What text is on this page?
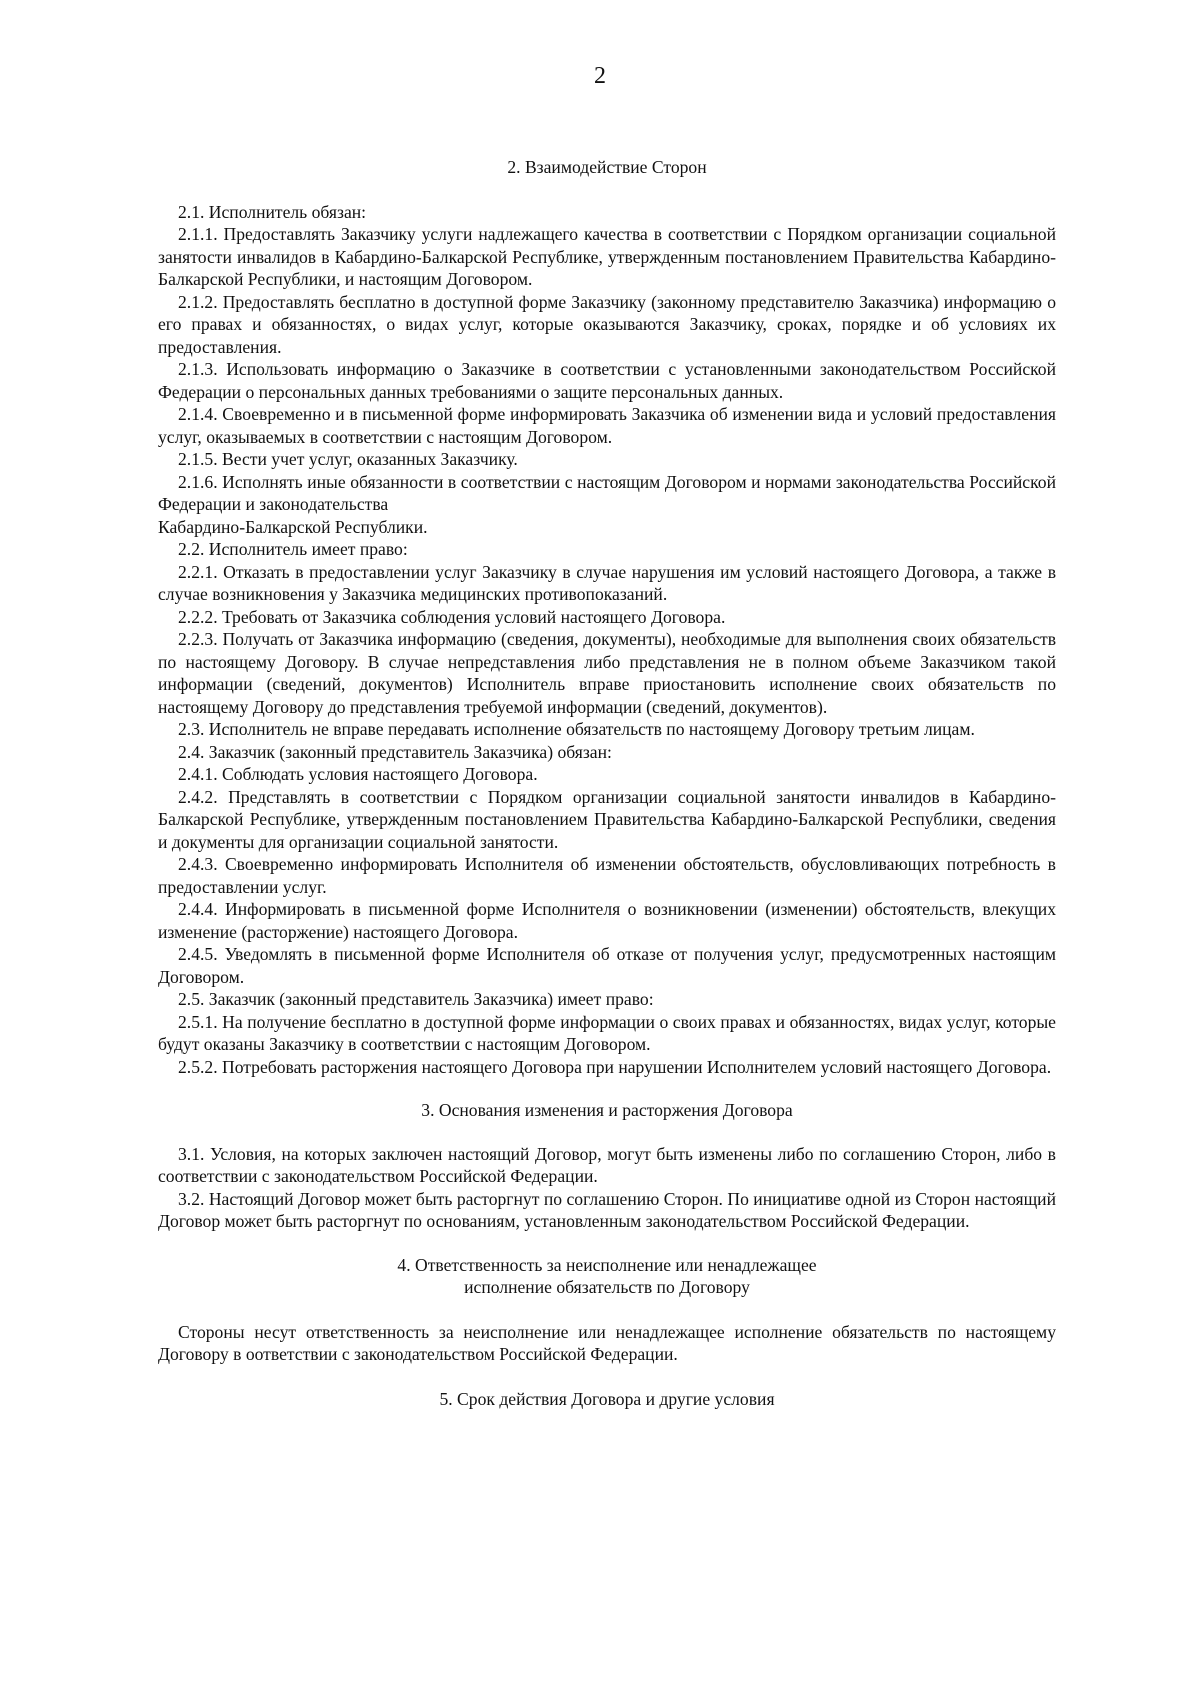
2
2. Взаимодействие Сторон
2.1. Исполнитель обязан:
2.1.1. Предоставлять Заказчику услуги надлежащего качества в соответствии с Порядком организации социальной занятости инвалидов в Кабардино-Балкарской Республике, утвержденным постановлением Правительства Кабардино-Балкарской Республики, и настоящим Договором.
2.1.2. Предоставлять бесплатно в доступной форме Заказчику (законному представителю Заказчика) информацию о его правах и обязанностях, о видах услуг, которые оказываются Заказчику, сроках, порядке и об условиях их предоставления.
2.1.3. Использовать информацию о Заказчике в соответствии с установленными законодательством Российской Федерации о персональных данных требованиями о защите персональных данных.
2.1.4. Своевременно и в письменной форме информировать Заказчика об изменении вида и условий предоставления услуг, оказываемых в соответствии с настоящим Договором.
2.1.5. Вести учет услуг, оказанных Заказчику.
2.1.6. Исполнять иные обязанности в соответствии с настоящим Договором и нормами законодательства Российской Федерации и законодательства
Кабардино-Балкарской Республики.
2.2. Исполнитель имеет право:
2.2.1. Отказать в предоставлении услуг Заказчику в случае нарушения им условий настоящего Договора, а также в случае возникновения у Заказчика медицинских противопоказаний.
2.2.2. Требовать от Заказчика соблюдения условий настоящего Договора.
2.2.3. Получать от Заказчика информацию (сведения, документы), необходимые для выполнения своих обязательств по настоящему Договору. В случае непредставления либо представления не в полном объеме Заказчиком такой информации (сведений, документов) Исполнитель вправе приостановить исполнение своих обязательств по настоящему Договору до представления требуемой информации (сведений, документов).
2.3. Исполнитель не вправе передавать исполнение обязательств по настоящему Договору третьим лицам.
2.4. Заказчик (законный представитель Заказчика) обязан:
2.4.1. Соблюдать условия настоящего Договора.
2.4.2. Представлять в соответствии с Порядком организации социальной занятости инвалидов в Кабардино-Балкарской Республике, утвержденным постановлением Правительства Кабардино-Балкарской Республики, сведения и документы для организации социальной занятости.
2.4.3. Своевременно информировать Исполнителя об изменении обстоятельств, обусловливающих потребность в предоставлении услуг.
2.4.4. Информировать в письменной форме Исполнителя о возникновении (изменении) обстоятельств, влекущих изменение (расторжение) настоящего Договора.
2.4.5. Уведомлять в письменной форме Исполнителя об отказе от получения услуг, предусмотренных настоящим Договором.
2.5. Заказчик (законный представитель Заказчика) имеет право:
2.5.1. На получение бесплатно в доступной форме информации о своих правах и обязанностях, видах услуг, которые будут оказаны Заказчику в соответствии с настоящим Договором.
2.5.2. Потребовать расторжения настоящего Договора при нарушении Исполнителем условий настоящего Договора.
3. Основания изменения и расторжения Договора
3.1. Условия, на которых заключен настоящий Договор, могут быть изменены либо по соглашению Сторон, либо в соответствии с законодательством Российской Федерации.
3.2. Настоящий Договор может быть расторгнут по соглашению Сторон. По инициативе одной из Сторон настоящий Договор может быть расторгнут по основаниям, установленным законодательством Российской Федерации.
4. Ответственность за неисполнение или ненадлежащее
исполнение обязательств по Договору
Стороны несут ответственность за неисполнение или ненадлежащее исполнение обязательств по настоящему Договору в оответствии с законодательством Российской Федерации.
5. Срок действия Договора и другие условия
